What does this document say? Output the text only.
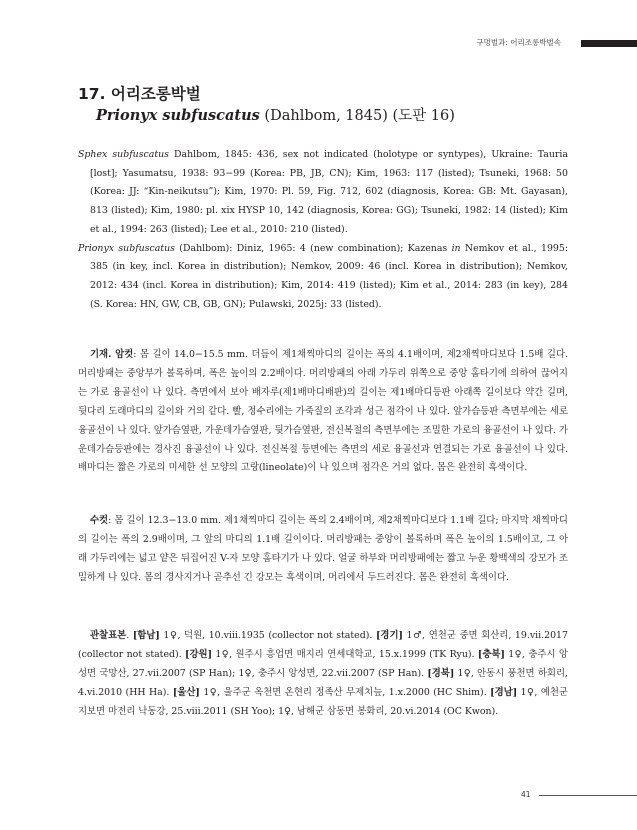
구멍벌과: 어리조롱박벌속
17. 어리조롱박벌
Prionyx subfuscatus (Dahlbom, 1845) (도판 16)

Sphex subfuscatus Dahlbom, 1845: 436, sex not indicated (holotype or syntypes), Ukraine: Tauria [lost]; Yasumatsu, 1938: 93−99 (Korea: PB, JB, CN); Kim, 1963: 117 (listed); Tsuneki, 1968: 50 (Korea: JJ: “Kin-neikutsu”); Kim, 1970: Pl. 59, Fig. 712, 602 (diagnosis, Korea: GB: Mt. Gayasan), 813 (listed); Kim, 1980: pl. xix HYSP 10, 142 (diagnosis, Korea: GG); Tsuneki, 1982: 14 (listed); Kim et al., 1994: 263 (listed); Lee et al., 2010: 210 (listed).

Prionyx subfuscatus (Dahlbom): Diniz, 1965: 4 (new combination); Kazenas in Nemkov et al., 1995: 385 (in key, incl. Korea in distribution); Nemkov, 2009: 46 (incl. Korea in distribution); Nemkov, 2012: 434 (incl. Korea in distribution); Kim, 2014: 419 (listed); Kim et al., 2014: 283 (in key), 284 (S. Korea: HN, GW, CB, GB, GN); Pulawski, 2025j: 33 (listed).

기재. 암컷: 몸 길이 14.0−15.5 mm. 더듬이 제1채찍마디의 길이는 폭의 4.1배이며, 제2채찍마디보다 1.5배 길다. 머리방패는 중앙부가 볼록하며, 폭은 높이의 2.2배이다. 머리방패의 아래 가두리 위쪽으로 중앙 홈타기에 의하여 끊어지는 가로 융골선이 나 있다. 측면에서 보아 배자루(제1배마디배판)의 길이는 제1배마디등판 아래쪽 길이보다 약간 길며, 뒷다리 도래마디의 길이와 거의 같다. 빨, 정수리에는 가죽질의 조각과 성근 점각이 나 있다. 앞가슴등판 측면부에는 세로 융골선이 나 있다. 앞가슴옆판, 가운데가슴옆판, 뒷가슴옆판, 전신복절의 측면부에는 조밀한 가로의 융골선이 나 있다. 가운데가슴등판에는 경사진 융골선이 나 있다. 전신복절 등면에는 측면의 세로 융골선과 연결되는 가로 융골선이 나 있다. 배마디는 짧은 가로의 미세한 선 모양의 고랑(lineolate)이 나 있으며 점각은 거의 없다. 몸은 완전히 흑색이다.
수컷: 몸 길이 12.3−13.0 mm. 제1채찍마디 길이는 폭의 2.4배이며, 제2채찍마디보다 1.1배 길다; 마지막 채찍마디의 길이는 폭의 2.9배이며, 그 앞의 마디의 1.1배 길이이다. 머리방패는 중앙이 볼록하며 폭은 높이의 1.5배이고, 그 아래 가두리에는 넓고 얕은 뒤집어진 V-자 모양 홈타기가 나 있다. 얼굴 하부와 머리방패에는 짧고 누운 황백색의 강모가 조밀하게 나 있다. 몸의 경사지거나 곧추선 긴 강모는 흑색이며, 머리에서 두드러진다. 몸은 완전히 흑색이다.
관찰표본. [함남] 1♀, 덕원, 10.viii.1935 (collector not stated). [경기] 1♂, 연천군 중면 회산리, 19.vii.2017 (collector not stated). [강원] 1♀, 원주시 흥업면 매지리 연세대학교, 15.x.1999 (TK Ryu). [충북] 1♀, 충주시 앙성면 국망산, 27.vii.2007 (SP Han); 1♀, 충주시 앙성면, 22.vii.2007 (SP Han). [경북] 1♀, 안동시 풍천면 하회리, 4.vi.2010 (HH Ha). [울산] 1♀, 울주군 옥천면 온현리 정족산 무제치늪, 1.x.2000 (HC Shim). [경남] 1♀, 예천군 지보면 마전리 낙동강, 25.viii.2011 (SH Yoo); 1♀, 남해군 삼동면 봉화리, 20.vi.2014 (OC Kwon).
41
